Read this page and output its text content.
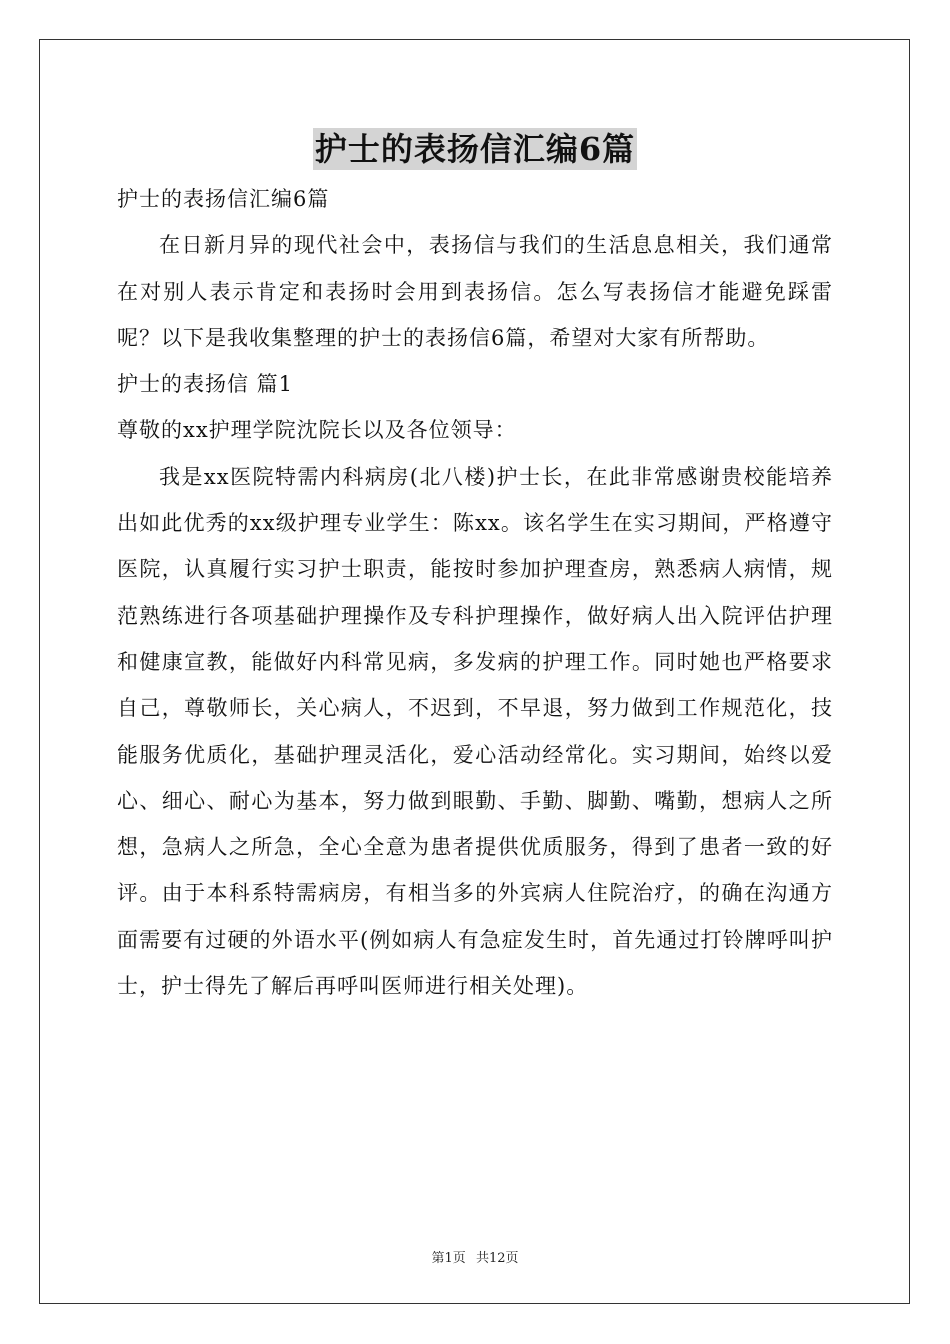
护士的表扬信汇编6篇

护士的表扬信汇编6篇

在日新月异的现代社会中，表扬信与我们的生活息息相关，我们通常在对别人表示肯定和表扬时会用到表扬信。怎么写表扬信才能避免踩雷呢？以下是我收集整理的护士的表扬信6篇，希望对大家有所帮助。

护士的表扬信 篇1

尊敬的xx护理学院沈院长以及各位领导：

我是xx医院特需内科病房(北八楼)护士长，在此非常感谢贵校能培养出如此优秀的xx级护理专业学生：陈xx。该名学生在实习期间，严格遵守医院，认真履行实习护士职责，能按时参加护理查房，熟悉病人病情，规范熟练进行各项基础护理操作及专科护理操作，做好病人出入院评估护理和健康宣教，能做好内科常见病，多发病的护理工作。同时她也严格要求自己，尊敬师长，关心病人，不迟到，不早退，努力做到工作规范化，技能服务优质化，基础护理灵活化，爱心活动经常化。实习期间，始终以爱心、细心、耐心为基本，努力做到眼勤、手勤、脚勤、嘴勤，想病人之所想，急病人之所急，全心全意为患者提供优质服务，得到了患者一致的好评。由于本科系特需病房，有相当多的外宾病人住院治疗，的确在沟通方面需要有过硬的外语水平(例如病人有急症发生时，首先通过打铃牌呼叫护士，护士得先了解后再呼叫医师进行相关处理)。

第1页 共12页
